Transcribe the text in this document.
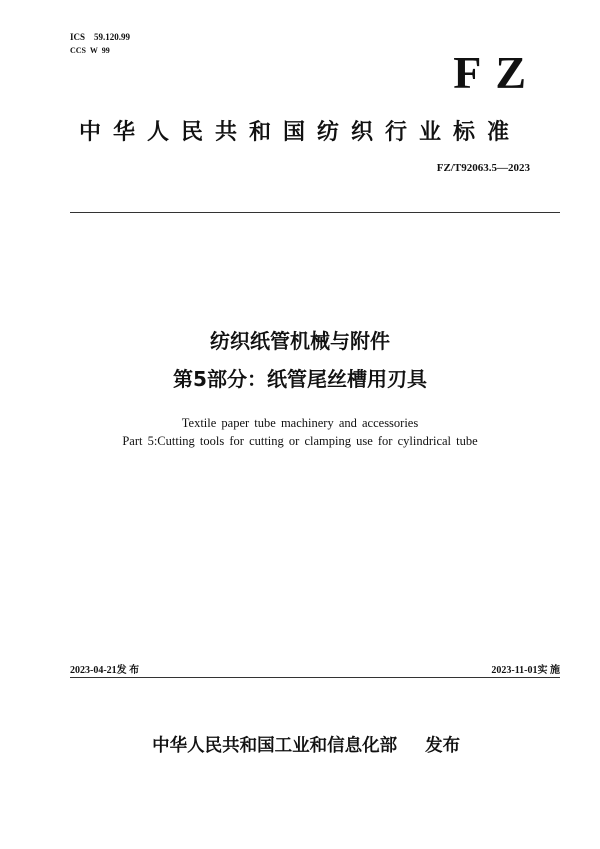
ICS    59.120.99
CCS  W  99	FZ
中华人民共和国纺织行业标准
FZ/T92063.5—2023
纺织纸管机械与附件
第5部分：纸管尾丝槽用刃具
Textile paper tube machinery and accessories
Part 5:Cutting tools for cutting or clamping use for cylindrical tube
2023-04-21发 布	2023-11-01实 施

中华人民共和国工业和信息化部 发布
